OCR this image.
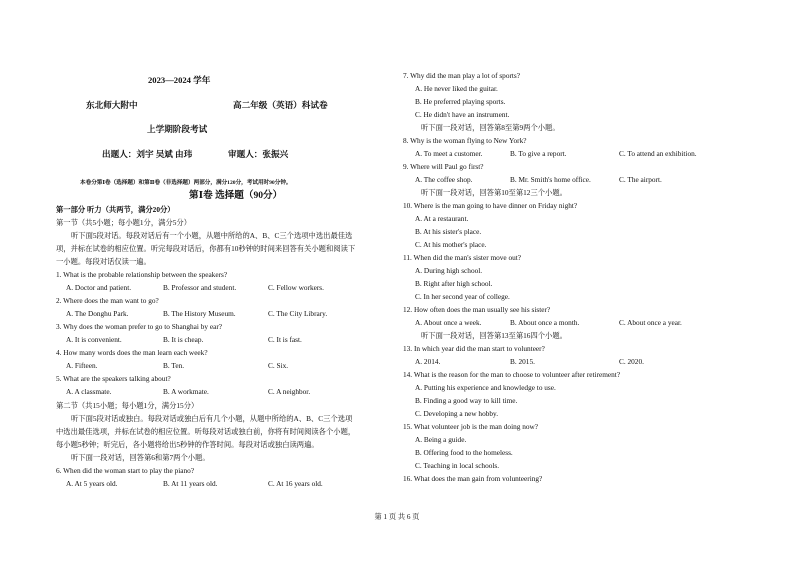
2023—2024 学年
东北师大附中	高二年级（英语）科试卷
上学期阶段考试
出题人：刘宇 吴斌 由玮	审题人：张振兴
本卷分第Ⅰ卷（选择题）和第Ⅱ卷（非选择题）两部分，满分120分，考试用时90分钟。
第Ⅰ卷 选择题（90分）
第一部分 听力（共两节，满分20分）
第一节（共5小题；每小题1分，满分5分）
听下面5段对话。每段对话后有一个小题，从题中所给的A、B、C三个选项中选出最佳选
项，并标在试卷的相应位置。听完每段对话后，你都有10秒钟的时间来回答有关小题和阅读下
一小题。每段对话仅读一遍。
1. What is the probable relationship between the speakers?
A. Doctor and patient.	B. Professor and student.	C. Fellow workers.
2. Where does the man want to go?
A. The Donghu Park.	B. The History Museum.	C. The City Library.
3. Why does the woman prefer to go to Shanghai by ear?
A. It is convenient.	B. It is cheap.	C. It is fast.
4. How many words does the man learn each week?
A. Fifteen.	B. Ten.	C. Six.
5. What are the speakers talking about?
A. A classmate.	B. A workmate.	C. A neighbor.
第二节（共15小题；每小题1分，满分15分）
听下面5段对话或独白。每段对话或独白后有几个小题，从题中所给的A、B、C三个选项
中选出最佳选项，并标在试卷的相应位置。听每段对话或独白前，你将有时间阅读各个小题，
每小题5秒钟；听完后，各小题将给出5秒钟的作答时间。每段对话或独白读两遍。
听下面一段对话，回答第6和第7两个小题。
6. When did the woman start to play the piano?
A. At 5 years old.	B. At 11 years old.	C. At 16 years old.
7. Why did the man play a lot of sports?
A. He never liked the guitar.
B. He preferred playing sports.
C. He didn't have an instrument.
听下面一段对话，回答第8至第9两个小题。
8. Why is the woman flying to New York?
A. To meet a customer.	B. To give a report.	C. To attend an exhibition.
9. Where will Paul go first?
A. The coffee shop.	B. Mr. Smith's home office.	C. The airport.
听下面一段对话，回答第10至第12三个小题。
10. Where is the man going to have dinner on Friday night?
A. At a restaurant.
B. At his sister's place.
C. At his mother's place.
11. When did the man's sister move out?
A. During high school.
B. Right after high school.
C. In her second year of college.
12. How often does the man usually see his sister?
A. About once a week.	B. About once a month.	C. About once a year.
听下面一段对话，回答第13至第16四个小题。
13. In which year did the man start to volunteer?
A. 2014.	B. 2015.	C. 2020.
14. What is the reason for the man to choose to volunteer after retirement?
A. Putting his experience and knowledge to use.
B. Finding a good way to kill time.
C. Developing a new hobby.
15. What volunteer job is the man doing now?
A. Being a guide.
B. Offering food to the homeless.
C. Teaching in local schools.
16. What does the man gain from volunteering?
第 1 页 共 6 页
